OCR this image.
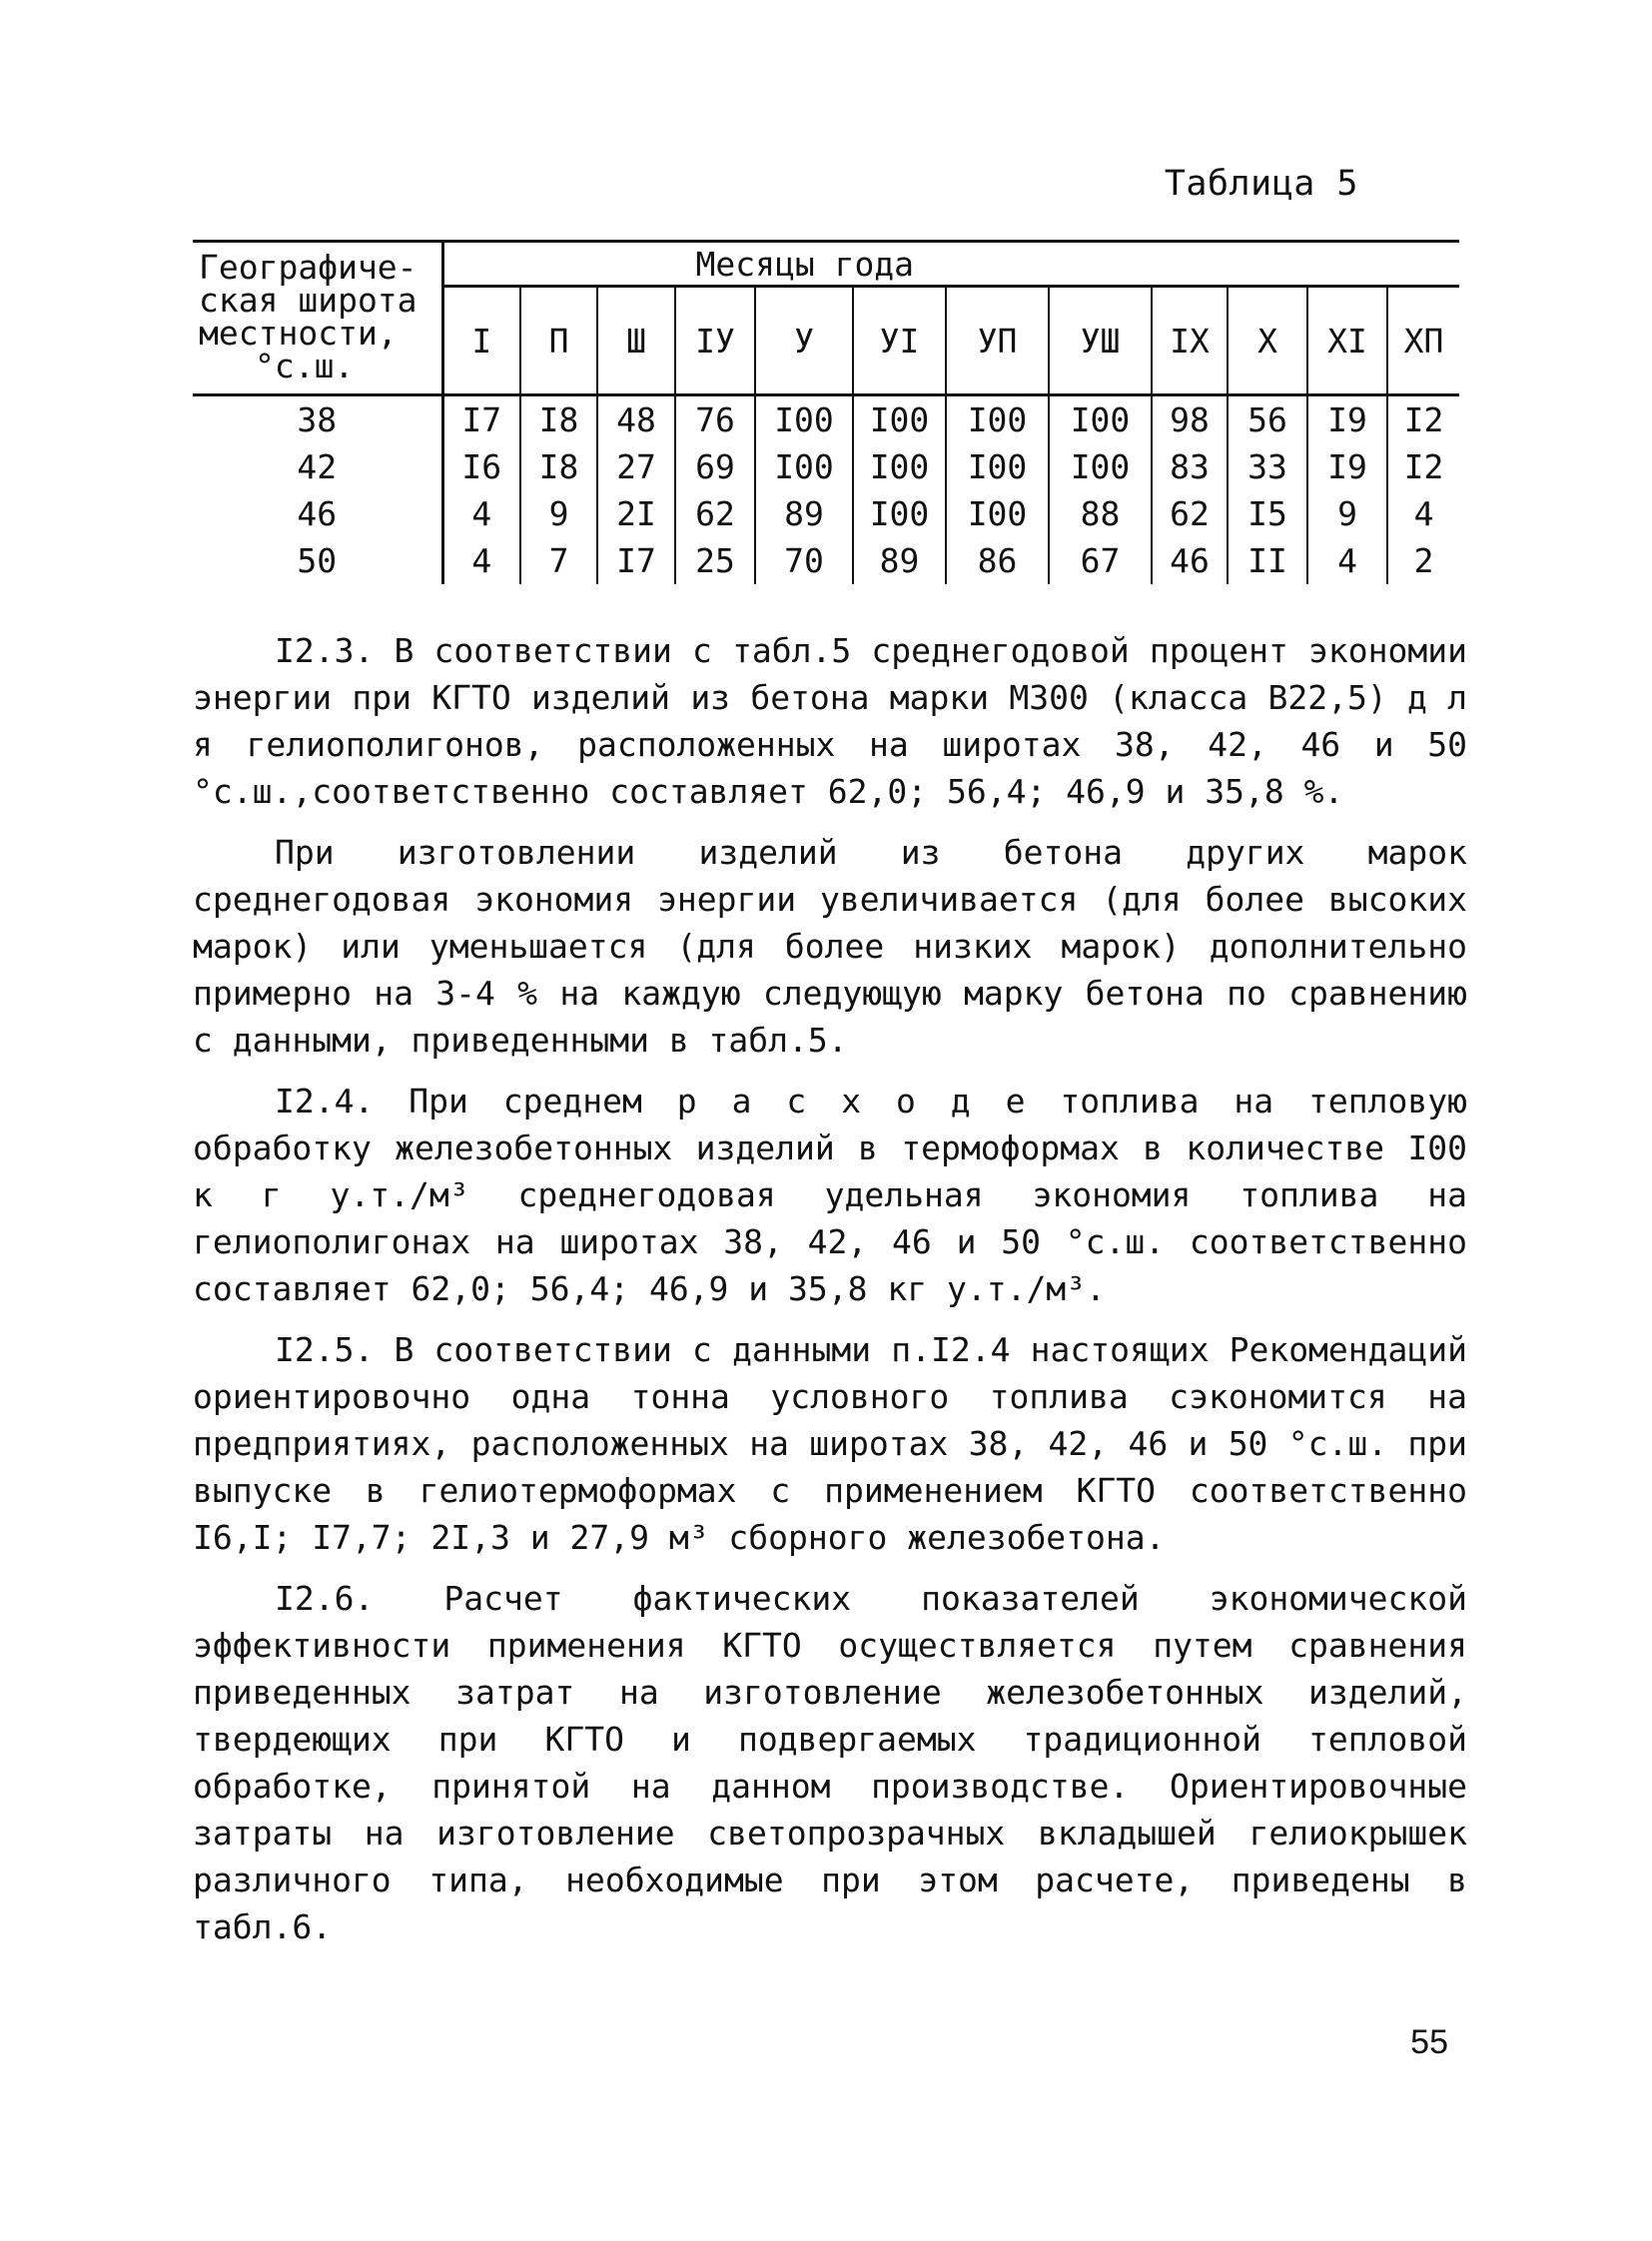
Таблица 5
Географиче-
ская широта
местности,
°с.ш.	Месяцы года											
	I	П	Ш	IУ	У	УI	УП	УШ	IX	X	XI	XП
38	I7	I8	48	76	I00	I00	I00	I00	98	56	I9	I2
42	I6	I8	27	69	I00	I00	I00	I00	83	33	I9	I2
46	4	9	2I	62	89	I00	I00	88	62	I5	9	4
50	4	7	I7	25	70	89	86	67	46	II	4	2

I2.3. В соответствии с табл.5 среднегодовой процент экономии энергии при КГТО изделий из бетона марки М300 (класса В22,5) д л я гелиополигонов, расположенных на широтах 38, 42, 46 и 50 °с.ш.,соответственно составляет 62,0; 56,4; 46,9 и 35,8 %.

При изготовлении изделий из бетона других марок среднегодовая экономия энергии увеличивается (для более высоких марок) или уменьшается (для более низких марок) дополнительно примерно на 3-4 % на каждую следующую марку бетона по сравнению с данными, приведенными в табл.5.

I2.4. При среднем р а с х о д е топлива на тепловую обработку железобетонных изделий в термоформах в количестве I00 к г у.т./м³ среднегодовая удельная экономия топлива на гелиополигонах на широтах 38, 42, 46 и 50 °с.ш. соответственно составляет 62,0; 56,4; 46,9 и 35,8 кг у.т./м³.

I2.5. В соответствии с данными п.I2.4 настоящих Рекомендаций ориентировочно одна тонна условного топлива сэкономится на предприятиях, расположенных на широтах 38, 42, 46 и 50 °с.ш. при выпуске в гелиотермоформах с применением КГТО соответственно I6,I; I7,7; 2I,3 и 27,9 м³ сборного железобетона.

I2.6. Расчет фактических показателей экономической эффективности применения КГТО осуществляется путем сравнения приведенных затрат на изготовление железобетонных изделий, твердеющих при КГТО и подвергаемых традиционной тепловой обработке, принятой на данном производстве. Ориентировочные затраты на изготовление светопрозрачных вкладышей гелиокрышек различного типа, необходимые при этом расчете, приведены в табл.6.

55
